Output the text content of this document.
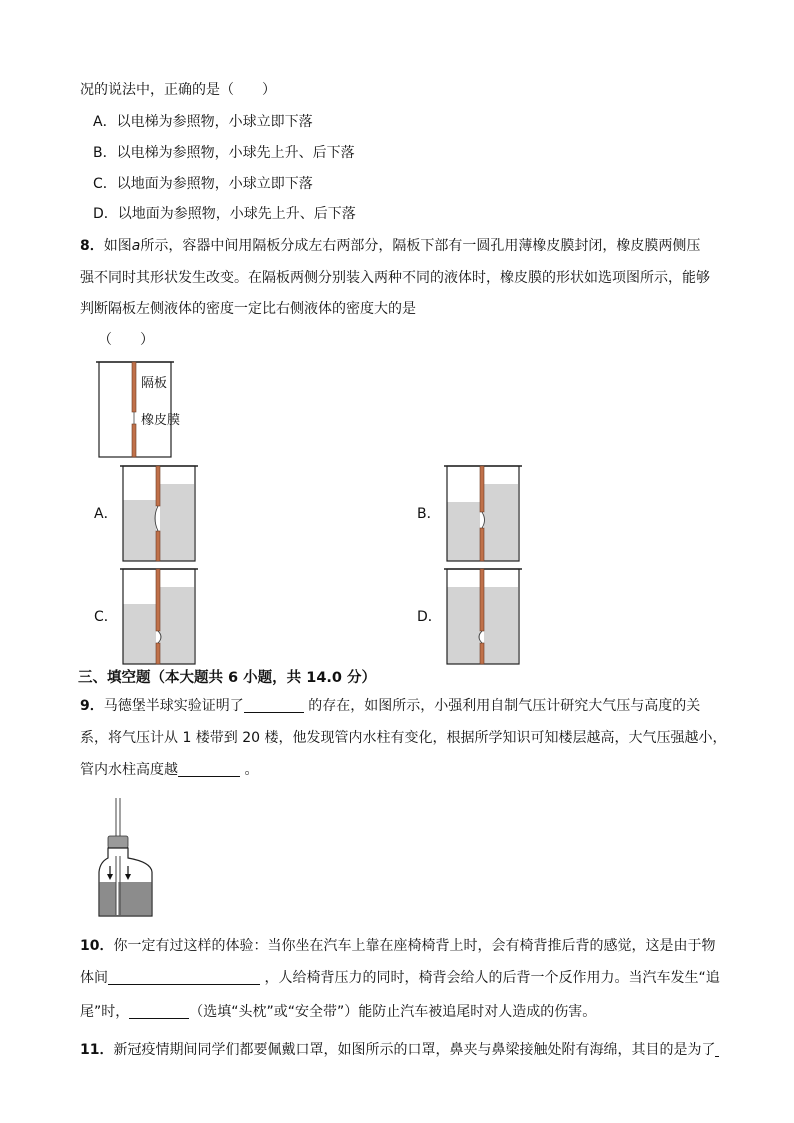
况的说法中，正确的是（　　）
A．以电梯为参照物，小球立即下落
B．以电梯为参照物，小球先上升、后下落
C．以地面为参照物，小球立即下落
D．以地面为参照物，小球先上升、后下落
8．如图a所示，容器中间用隔板分成左右两部分，隔板下部有一圆孔用薄橡皮膜封闭，橡皮膜两侧压
强不同时其形状发生改变。在隔板两侧分别装入两种不同的液体时，橡皮膜的形状如选项图所示，能够
判断隔板左侧液体的密度一定比右侧液体的密度大的是
（　　）
隔板
橡皮膜
A．	B．
C．	D．
三、填空题（本大题共 6 小题，共 14.0 分）
9．马德堡半球实验证明了	的存在，如图所示，小强利用自制气压计研究大气压与高度的关
系，将气压计从 1 楼带到 20 楼，他发现管内水柱有变化，根据所学知识可知楼层越高，大气压强越小，
管内水柱高度越	。
10．你一定有过这样的体验：当你坐在汽车上靠在座椅椅背上时，会有椅背推后背的感觉，这是由于物
体间	，人给椅背压力的同时，椅背会给人的后背一个反作用力。当汽车发生“追
尾”时，	（选填“头枕”或“安全带”）能防止汽车被追尾时对人造成的伤害。
11．新冠疫情期间同学们都要佩戴口罩，如图所示的口罩，鼻夹与鼻梁接触处附有海绵，其目的是为了
